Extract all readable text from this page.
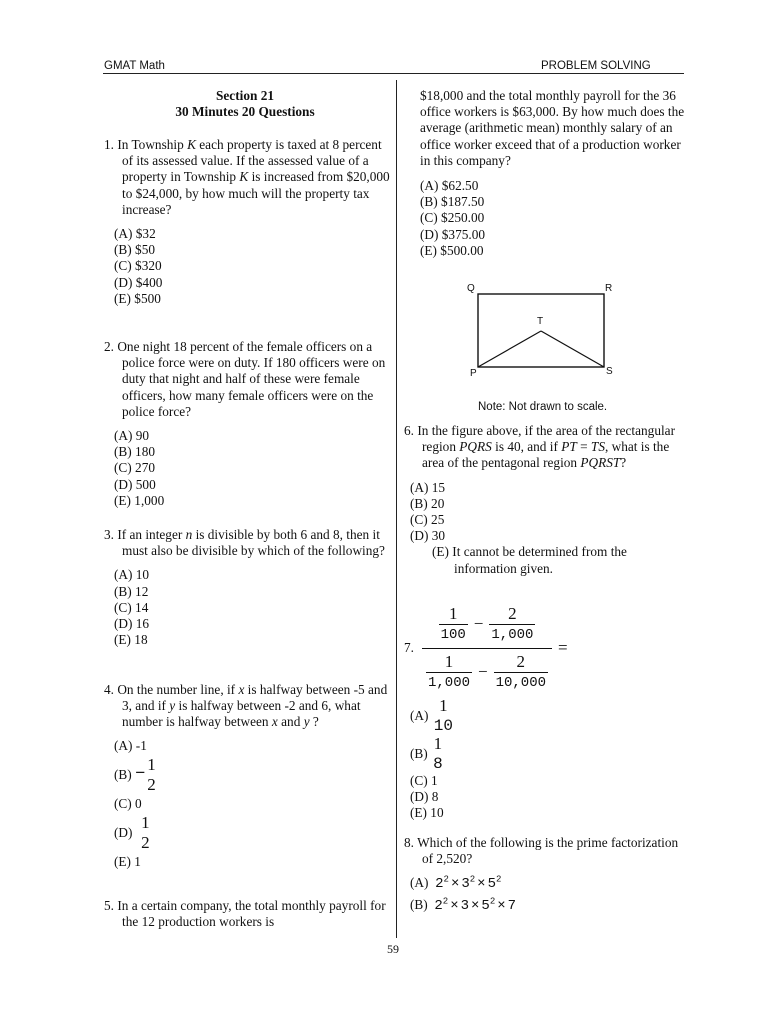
GMAT Math	PROBLEM SOLVING
Section 21
30 Minutes 20 Questions
1. In Township K each property is taxed at 8 percent of its assessed value. If the assessed value of a property in Township K is increased from $20,000 to $24,000, by how much will the property tax increase?
(A) $32
(B) $50
(C) $320
(D) $400
(E) $500
2. One night 18 percent of the female officers on a police force were on duty. If 180 officers were on duty that night and half of these were female officers, how many female officers were on the police force?
(A) 90
(B) 180
(C) 270
(D) 500
(E) 1,000
3. If an integer n is divisible by both 6 and 8, then it must also be divisible by which of the following?
(A) 10
(B) 12
(C) 14
(D) 16
(E) 18
4. On the number line, if x is halfway between -5 and 3, and if y is halfway between -2 and 6, what number is halfway between x and y ?
(A) -1
(B)
−
1
2
(C) 0
(D)

1
2
(E) 1
5. In a certain company, the total monthly payroll for the 12 production workers is
$18,000 and the total monthly payroll for the 36 office workers is $63,000. By how much does the average (arithmetic mean) monthly salary of an office worker exceed that of a production worker in this company?
(A) $62.50
(B) $187.50
(C) $250.00
(D) $375.00
(E) $500.00
Q	R
T
P	S
Note: Not drawn to scale.
6. In the figure above, if the area of the rectangular region PQRS is 40, and if PT = TS, what is the area of the pentagonal region PQRST?
(A) 15
(B) 20
(C) 25
(D) 30
(E) It cannot be determined from the information given.
7.
$\frac{1}{100} - \frac{2}{1,000}$
$\frac{1}{1,000} - \frac{2}{10,000}$
=
(A)

1
10
(B)

1
8
(C) 1
(D) 8
(E) 10
8. Which of the following is the prime factorization of 2,520?
(A) $2^2 \times 3^2 \times 5^2$
(B) $2^2 \times 3 \times 5^2 \times 7$
59
